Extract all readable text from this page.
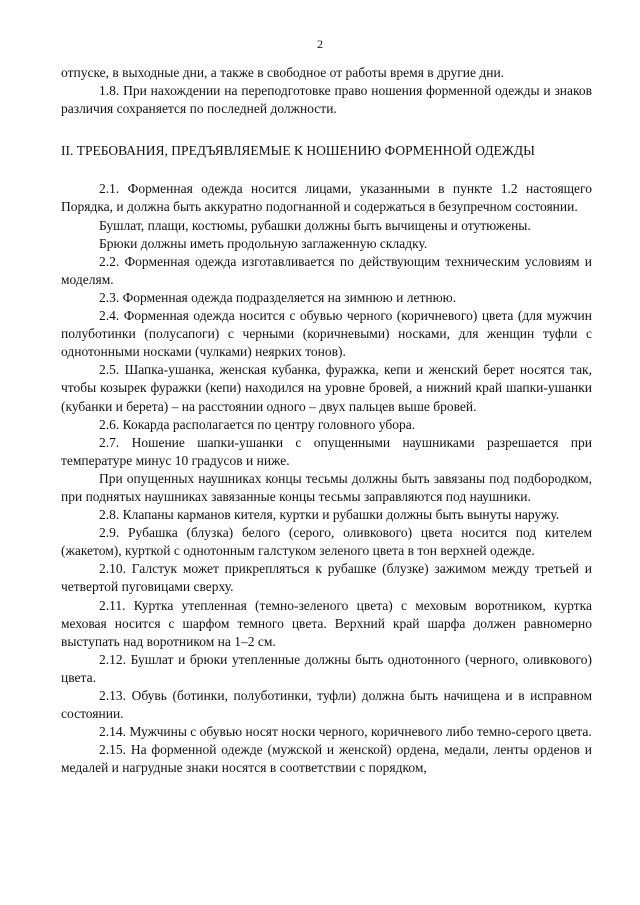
2

отпуске, в выходные дни, а также в свободное от работы время в другие дни.

1.8. При нахождении на переподготовке право ношения форменной одежды и знаков различия сохраняется по последней должности.

II. ТРЕБОВАНИЯ, ПРЕДЪЯВЛЯЕМЫЕ К НОШЕНИЮ ФОРМЕННОЙ ОДЕЖДЫ

2.1. Форменная одежда носится лицами, указанными в пункте 1.2 настоящего Порядка, и должна быть аккуратно подогнанной и содержаться в безупречном состоянии.

Бушлат, плащи, костюмы, рубашки должны быть вычищены и отутюжены.

Брюки должны иметь продольную заглаженную складку.

2.2. Форменная одежда изготавливается по действующим техническим условиям и моделям.

2.3. Форменная одежда подразделяется на зимнюю и летнюю.

2.4. Форменная одежда носится с обувью черного (коричневого) цвета (для мужчин полуботинки (полусапоги) с черными (коричневыми) носками, для женщин туфли с однотонными носками (чулками) неярких тонов).

2.5. Шапка-ушанка, женская кубанка, фуражка, кепи и женский берет носятся так, чтобы козырек фуражки (кепи) находился на уровне бровей, а нижний край шапки-ушанки (кубанки и берета) – на расстоянии одного – двух пальцев выше бровей.

2.6. Кокарда располагается по центру головного убора.

2.7. Ношение шапки-ушанки с опущенными наушниками разрешается при температуре минус 10 градусов и ниже.

При опущенных наушниках концы тесьмы должны быть завязаны под подбородком, при поднятых наушниках завязанные концы тесьмы заправляются под наушники.

2.8. Клапаны карманов кителя, куртки и рубашки должны быть вынуты наружу.

2.9. Рубашка (блузка) белого (серого, оливкового) цвета носится под кителем (жакетом), курткой с однотонным галстуком зеленого цвета в тон верхней одежде.

2.10. Галстук может прикрепляться к рубашке (блузке) зажимом между третьей и четвертой пуговицами сверху.

2.11. Куртка утепленная (темно-зеленого цвета) с меховым воротником, куртка меховая носится с шарфом темного цвета. Верхний край шарфа должен равномерно выступать над воротником на 1–2 см.

2.12. Бушлат и брюки утепленные должны быть однотонного (черного, оливкового) цвета.

2.13. Обувь (ботинки, полуботинки, туфли) должна быть начищена и в исправном состоянии.

2.14. Мужчины с обувью носят носки черного, коричневого либо темно-серого цвета.

2.15. На форменной одежде (мужской и женской) ордена, медали, ленты орденов и медалей и нагрудные знаки носятся в соответствии с порядком,
